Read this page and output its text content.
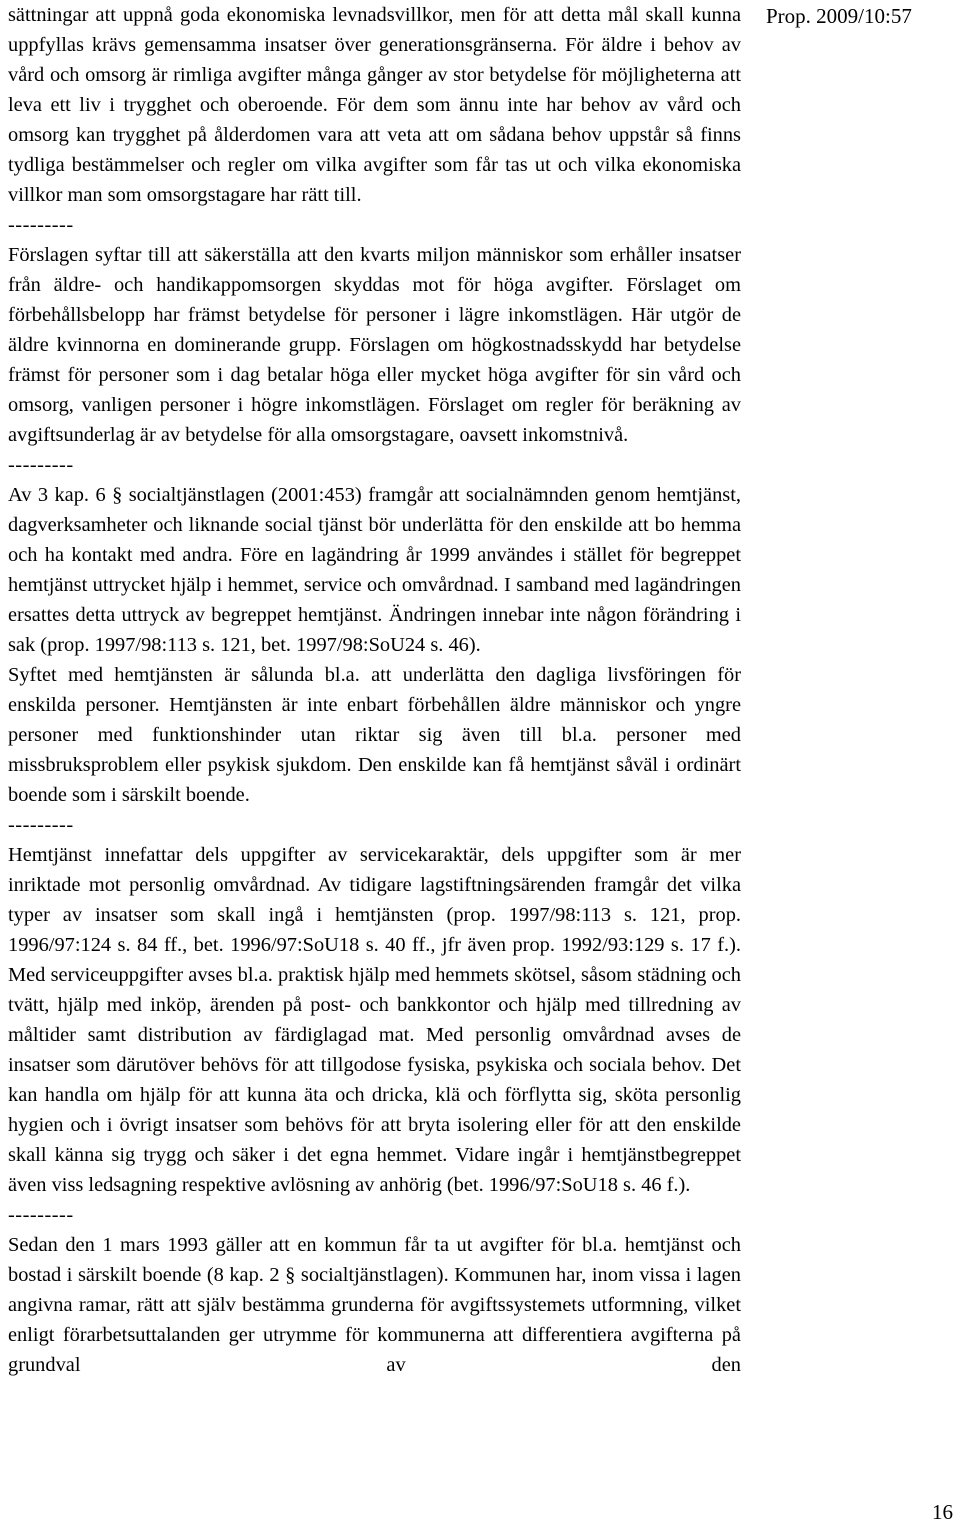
Prop. 2009/10:57

sättningar att uppnå goda ekonomiska levnadsvillkor, men för att detta mål skall kunna uppfyllas krävs gemensamma insatser över generationsgränserna. För äldre i behov av vård och omsorg är rimliga avgifter många gånger av stor betydelse för möjligheterna att leva ett liv i trygghet och oberoende. För dem som ännu inte har behov av vård och omsorg kan trygghet på ålderdomen vara att veta att om sådana behov uppstår så finns tydliga bestämmelser och regler om vilka avgifter som får tas ut och vilka ekonomiska villkor man som omsorgstagare har rätt till.

---------

Förslagen syftar till att säkerställa att den kvarts miljon människor som erhåller insatser från äldre- och handikappomsorgen skyddas mot för höga avgifter. Förslaget om förbehållsbelopp har främst betydelse för personer i lägre inkomstlägen. Här utgör de äldre kvinnorna en dominerande grupp. Förslagen om högkostnadsskydd har betydelse främst för personer som i dag betalar höga eller mycket höga avgifter för sin vård och omsorg, vanligen personer i högre inkomstlägen. Förslaget om regler för beräkning av avgiftsunderlag är av betydelse för alla omsorgstagare, oavsett inkomstnivå.

---------

Av 3 kap. 6 § socialtjänstlagen (2001:453) framgår att socialnämnden genom hemtjänst, dagverksamheter och liknande social tjänst bör underlätta för den enskilde att bo hemma och ha kontakt med andra. Före en lagändring år 1999 användes i stället för begreppet hemtjänst uttrycket hjälp i hemmet, service och omvårdnad. I samband med lagändringen ersattes detta uttryck av begreppet hemtjänst. Ändringen innebar inte någon förändring i sak (prop. 1997/98:113 s. 121, bet. 1997/98:SoU24 s. 46).

Syftet med hemtjänsten är sålunda bl.a. att underlätta den dagliga livsföringen för enskilda personer. Hemtjänsten är inte enbart förbehållen äldre människor och yngre personer med funktionshinder utan riktar sig även till bl.a. personer med missbruksproblem eller psykisk sjukdom. Den enskilde kan få hemtjänst såväl i ordinärt boende som i särskilt boende.

---------

Hemtjänst innefattar dels uppgifter av servicekaraktär, dels uppgifter som är mer inriktade mot personlig omvårdnad. Av tidigare lagstiftningsärenden framgår det vilka typer av insatser som skall ingå i hemtjänsten (prop. 1997/98:113 s. 121, prop. 1996/97:124 s. 84 ff., bet. 1996/97:SoU18 s. 40 ff., jfr även prop. 1992/93:129 s. 17 f.). Med serviceuppgifter avses bl.a. praktisk hjälp med hemmets skötsel, såsom städning och tvätt, hjälp med inköp, ärenden på post- och bankkontor och hjälp med tillredning av måltider samt distribution av färdiglagad mat. Med personlig omvårdnad avses de insatser som därutöver behövs för att tillgodose fysiska, psykiska och sociala behov. Det kan handla om hjälp för att kunna äta och dricka, klä och förflytta sig, sköta personlig hygien och i övrigt insatser som behövs för att bryta isolering eller för att den enskilde skall känna sig trygg och säker i det egna hemmet. Vidare ingår i hemtjänstbegreppet även viss ledsagning respektive avlösning av anhörig (bet. 1996/97:SoU18 s. 46 f.).

---------

Sedan den 1 mars 1993 gäller att en kommun får ta ut avgifter för bl.a. hemtjänst och bostad i särskilt boende (8 kap. 2 § socialtjänstlagen). Kommunen har, inom vissa i lagen angivna ramar, rätt att själv bestämma grunderna för avgiftssystemets utformning, vilket enligt förarbetsuttalanden ger utrymme för kommunerna att differentiera avgifterna på grundval av den

16
